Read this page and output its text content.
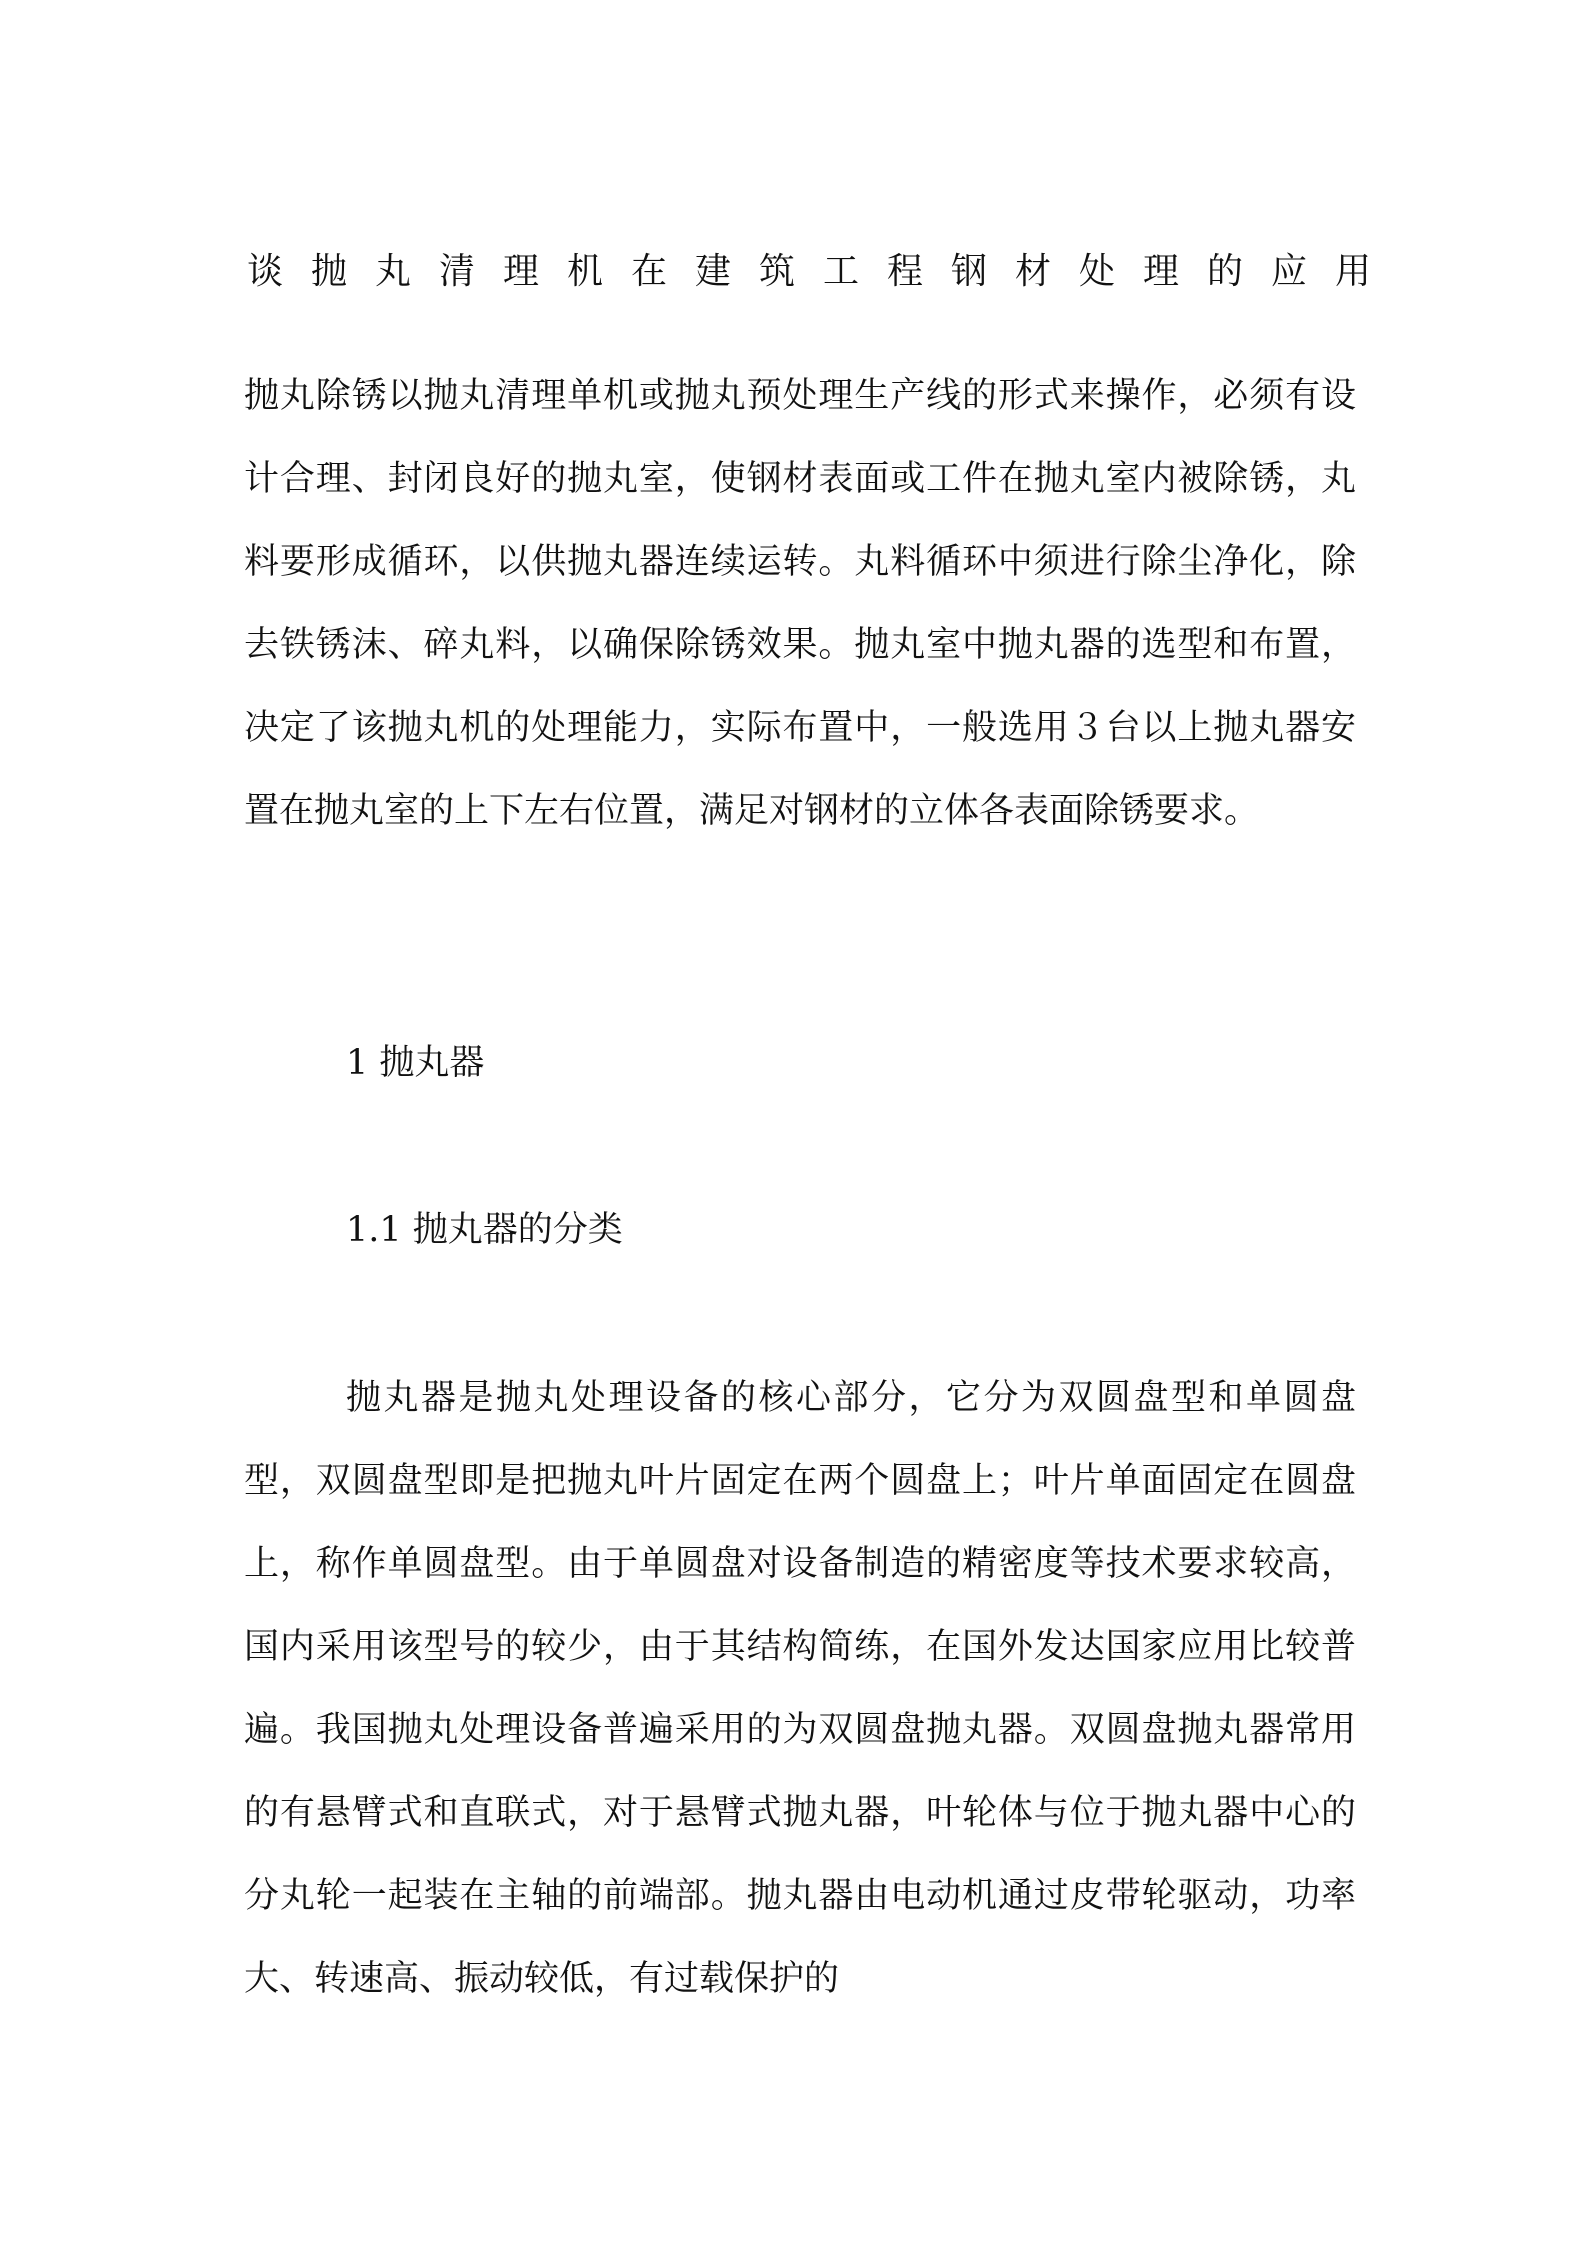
谈抛丸清理机在建筑工程钢材处理的应用

抛丸除锈以抛丸清理单机或抛丸预处理生产线的形式来操作，必须有设计合理、封闭良好的抛丸室，使钢材表面或工件在抛丸室内被除锈，丸料要形成循环，以供抛丸器连续运转。丸料循环中须进行除尘净化，除去铁锈沫、碎丸料，以确保除锈效果。抛丸室中抛丸器的选型和布置，决定了该抛丸机的处理能力，实际布置中，一般选用３台以上抛丸器安置在抛丸室的上下左右位置，满足对钢材的立体各表面除锈要求。

1 抛丸器

1.1 抛丸器的分类

抛丸器是抛丸处理设备的核心部分，它分为双圆盘型和单圆盘型，双圆盘型即是把抛丸叶片固定在两个圆盘上；叶片单面固定在圆盘上，称作单圆盘型。由于单圆盘对设备制造的精密度等技术要求较高，国内采用该型号的较少，由于其结构简练，在国外发达国家应用比较普遍。我国抛丸处理设备普遍采用的为双圆盘抛丸器。双圆盘抛丸器常用的有悬臂式和直联式，对于悬臂式抛丸器，叶轮体与位于抛丸器中心的分丸轮一起装在主轴的前端部。抛丸器由电动机通过皮带轮驱动，功率大、转速高、振动较低，有过载保护的
